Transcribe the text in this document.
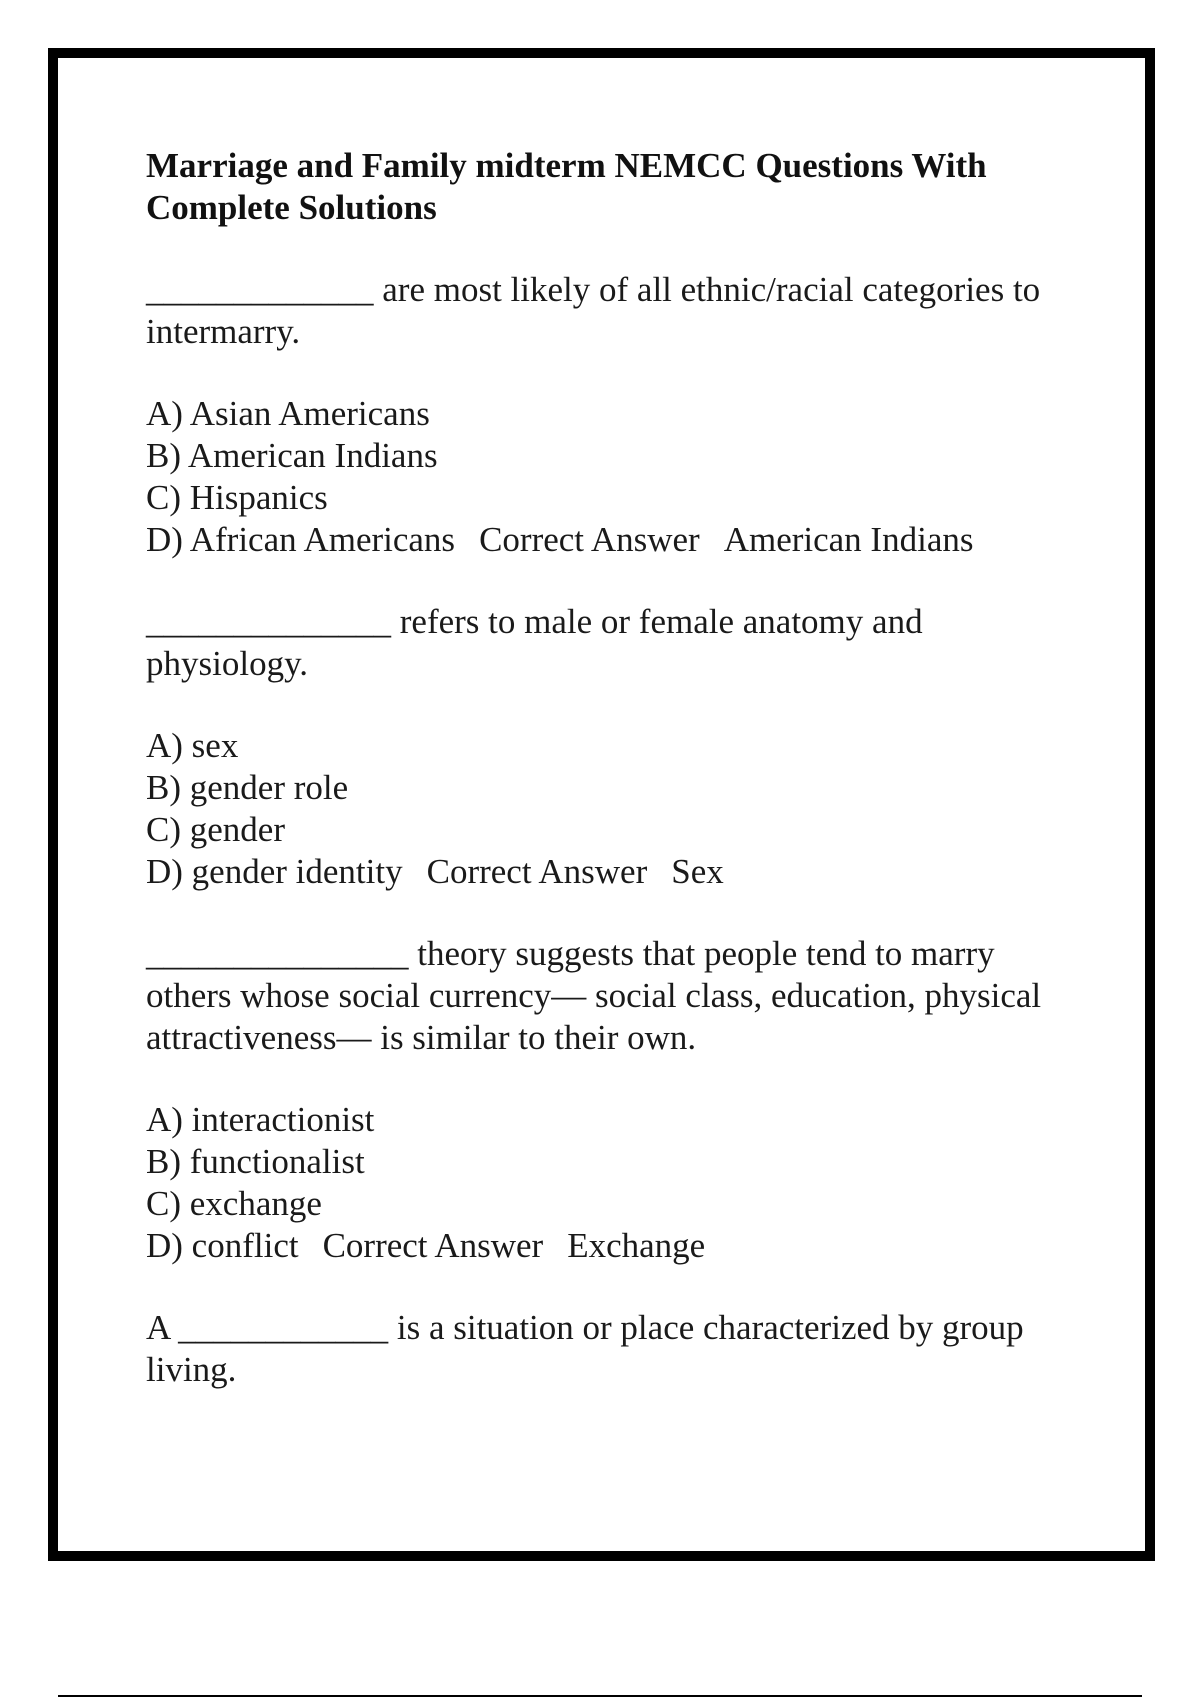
Marriage and Family midterm NEMCC Questions With Complete Solutions
_____________ are most likely of all ethnic/racial categories to intermarry.
A) Asian Americans
B) American Indians
C) Hispanics
D) African Americans Correct Answer American Indians
______________ refers to male or female anatomy and physiology.
A) sex
B) gender role
C) gender
D) gender identity Correct Answer Sex
_______________ theory suggests that people tend to marry others whose social currency— social class, education, physical attractiveness— is similar to their own.
A) interactionist
B) functionalist
C) exchange
D) conflict Correct Answer Exchange
A ____________ is a situation or place characterized by group living.
